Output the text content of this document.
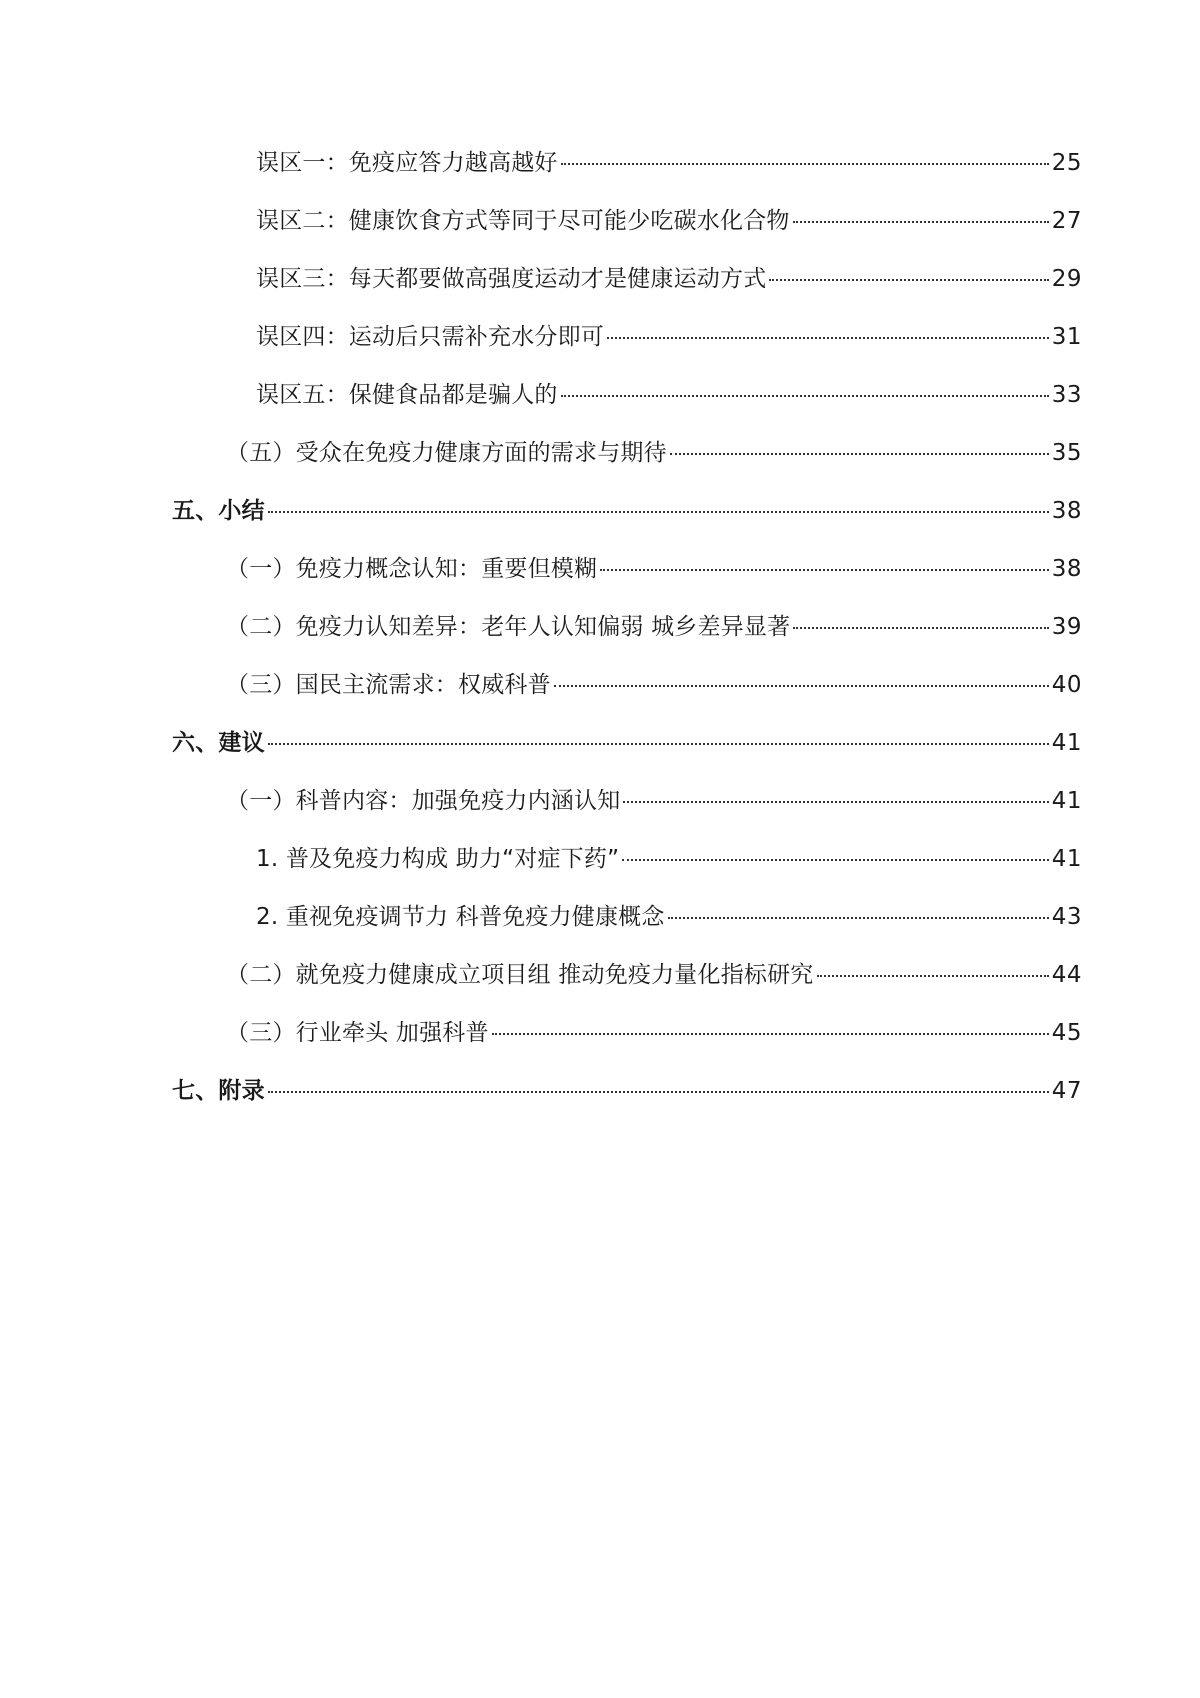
误区一：免疫应答力越高越好	25
误区二：健康饮食方式等同于尽可能少吃碳水化合物	27
误区三：每天都要做高强度运动才是健康运动方式	29
误区四：运动后只需补充水分即可	31
误区五：保健食品都是骗人的	33
（五）受众在免疫力健康方面的需求与期待	35
五、小结	38
（一）免疫力概念认知：重要但模糊	38
（二）免疫力认知差异：老年人认知偏弱 城乡差异显著	39
（三）国民主流需求：权威科普	40
六、建议	41
（一）科普内容：加强免疫力内涵认知	41
1. 普及免疫力构成 助力“对症下药”	41
2. 重视免疫调节力 科普免疫力健康概念	43
（二）就免疫力健康成立项目组 推动免疫力量化指标研究	44
（三）行业牵头 加强科普	45
七、附录	47
